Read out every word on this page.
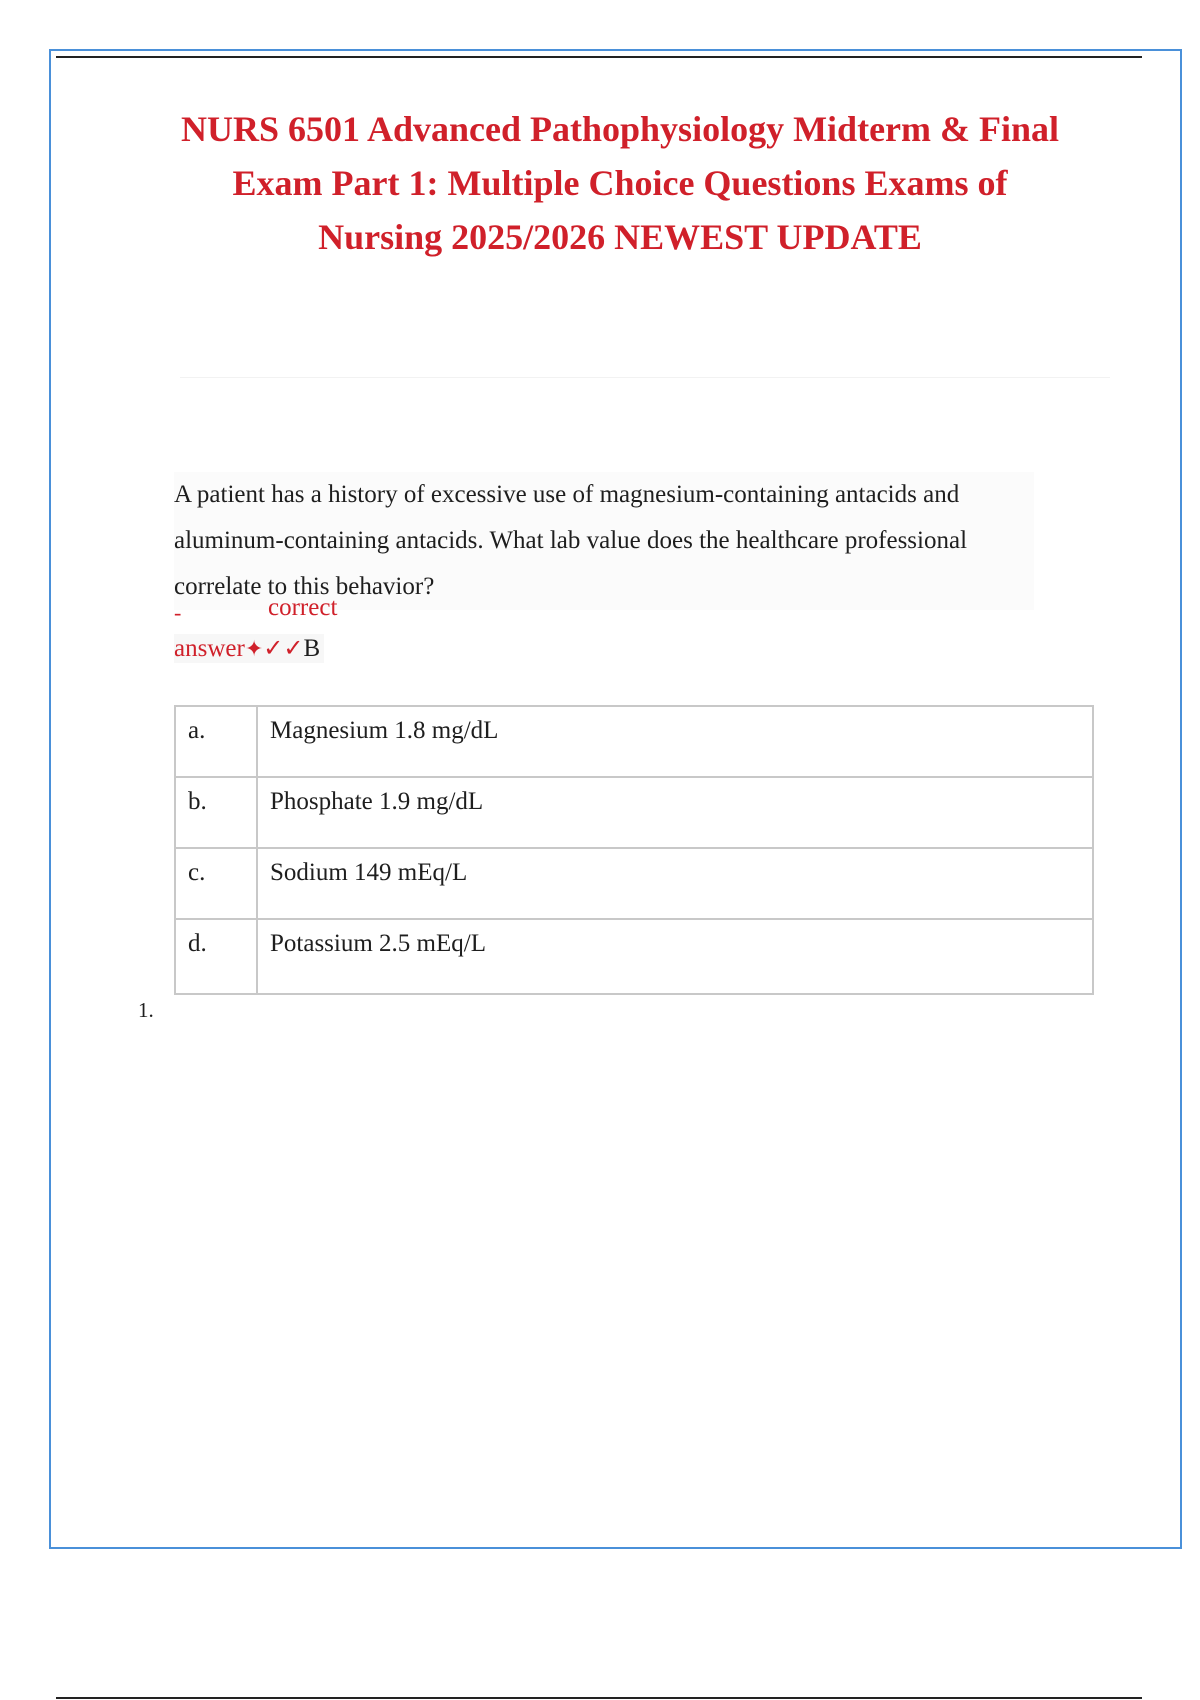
NURS 6501 Advanced Pathophysiology Midterm & Final
Exam Part 1: Multiple Choice Questions Exams of
Nursing 2025/2026 NEWEST UPDATE

A patient has a history of excessive use of magnesium-containing antacids and
aluminum-containing antacids. What lab value does the healthcare professional
correlate to this behavior?

-	correct
answer✦✓✓B
a.	Magnesium 1.8 mg/dL
b.	Phosphate 1.9 mg/dL
c.	Sodium 149 mEq/L
d.	Potassium 2.5 mEq/L
1.
